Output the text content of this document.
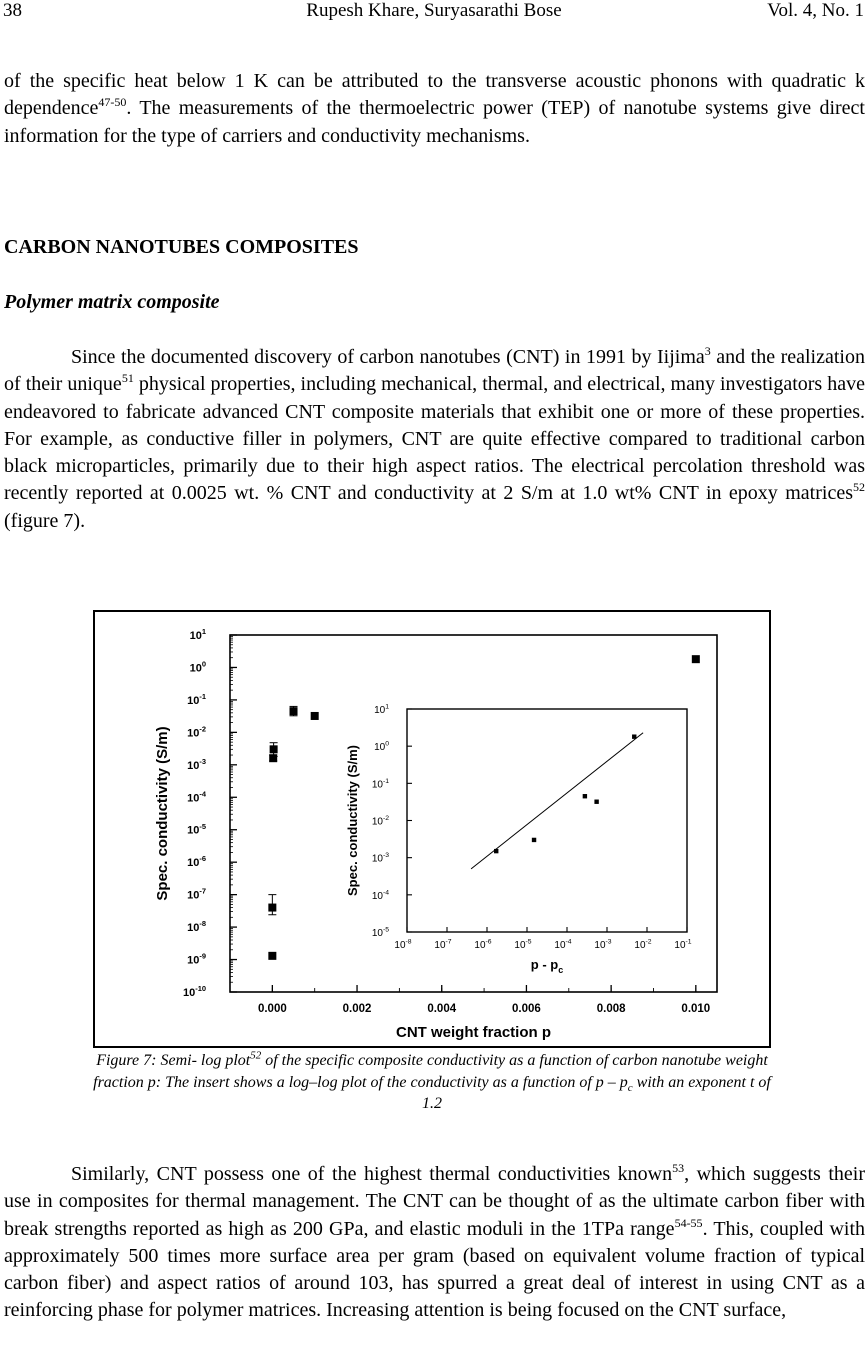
38	Rupesh Khare, Suryasarathi Bose	Vol. 4, No. 1

of the specific heat below 1 K can be attributed to the transverse acoustic phonons with quadratic k dependence$^{47-50}$. The measurements of the thermoelectric power (TEP) of nanotube systems give direct information for the type of carriers and conductivity mechanisms.

CARBON NANOTUBES COMPOSITES
Polymer matrix composite

Since the documented discovery of carbon nanotubes (CNT) in 1991 by Iijima$^3$ and the realization of their unique$^{51}$ physical properties, including mechanical, thermal, and electrical, many investigators have endeavored to fabricate advanced CNT composite materials that exhibit one or more of these properties. For example, as conductive filler in polymers, CNT are quite effective compared to traditional carbon black microparticles, primarily due to their high aspect ratios. The electrical percolation threshold was recently reported at 0.0025 wt. % CNT and conductivity at 2 S/m at 1.0 wt% CNT in epoxy matrices$^{52}$ (figure 7).

$10^1$
$10^0$
$10^{-1}$
$10^{-2}$
$10^{-3}$
$10^{-4}$
$10^{-5}$
$10^{-6}$
$10^{-7}$
$10^{-8}$
$10^{-9}$
$10^{-10}$
0.000	0.002	0.004	0.006	0.008	0.010
CNT weight fraction p
Spec. conductivity (S/m)
$10^1$
$10^0$
$10^{-1}$
$10^{-2}$
$10^{-3}$
$10^{-4}$
$10^{-5}$
$10^{-8}$ $10^{-7}$ $10^{-6}$ $10^{-5}$ $10^{-4}$ $10^{-3}$ $10^{-2}$ $10^{-1}$
p - $p_c$
Spec. conductivity (S/m)

Figure 7: Semi- log plot$^{52}$ of the specific composite conductivity as a function of carbon nanotube weight fraction p: The insert shows a log–log plot of the conductivity as a function of p – $p_c$ with an exponent t of 1.2

Similarly, CNT possess one of the highest thermal conductivities known$^{53}$, which suggests their use in composites for thermal management. The CNT can be thought of as the ultimate carbon fiber with break strengths reported as high as 200 GPa, and elastic moduli in the 1TPa range$^{54-55}$. This, coupled with approximately 500 times more surface area per gram (based on equivalent volume fraction of typical carbon fiber) and aspect ratios of around 103, has spurred a great deal of interest in using CNT as a reinforcing phase for polymer matrices. Increasing attention is being focused on the CNT surface,
